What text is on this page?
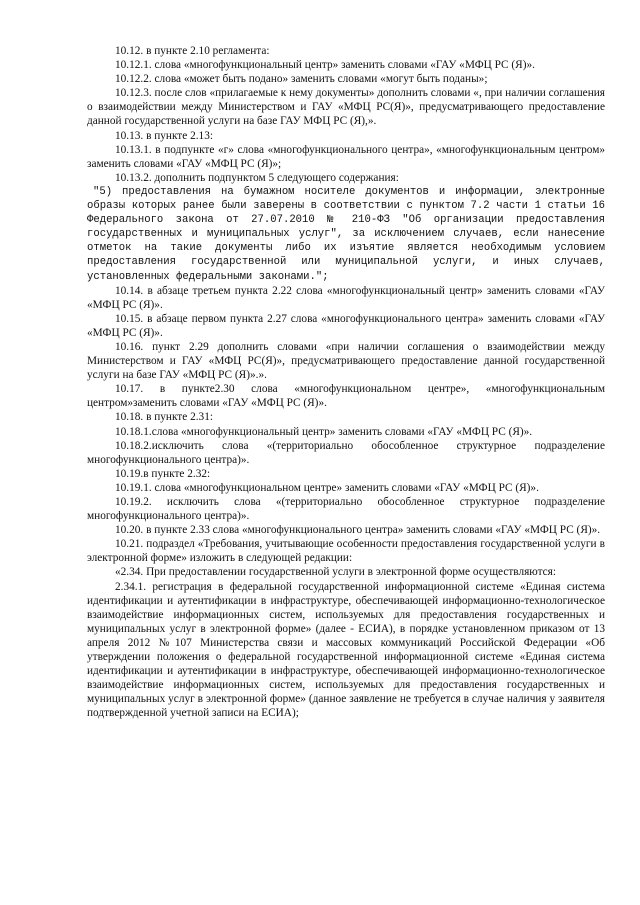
10.12. в пункте 2.10 регламента:

10.12.1. слова «многофункциональный центр» заменить словами «ГАУ «МФЦ РС (Я)».

10.12.2. слова «может быть подано» заменить словами «могут быть поданы»;

10.12.3. после слов «прилагаемые к нему документы» дополнить словами «, при наличии соглашения о взаимодействии между Министерством и ГАУ «МФЦ РС(Я)», предусматривающего предоставление данной государственной услуги на базе ГАУ МФЦ РС (Я),».

10.13. в пункте 2.13:

10.13.1. в подпункте «г» слова «многофункционального центра», «многофункциональным центром» заменить словами «ГАУ «МФЦ РС (Я)»;

10.13.2. дополнить подпунктом 5 следующего содержания:

"5) предоставления на бумажном носителе документов и информации, электронные образы которых ранее были заверены в соответствии с пунктом 7.2 части 1 статьи 16 Федерального закона от 27.07.2010 № 210-ФЗ "Об организации предоставления государственных и муниципальных услуг", за исключением случаев, если нанесение отметок на такие документы либо их изъятие является необходимым условием предоставления государственной или муниципальной услуги, и иных случаев, установленных федеральными законами.";

10.14. в абзаце третьем пункта 2.22 слова «многофункциональный центр» заменить словами «ГАУ «МФЦ РС (Я)».

10.15. в абзаце первом пункта 2.27 слова «многофункционального центра» заменить словами «ГАУ «МФЦ РС (Я)».

10.16. пункт 2.29 дополнить словами «при наличии соглашения о взаимодействии между Министерством и ГАУ «МФЦ РС(Я)», предусматривающего предоставление данной государственной услуги на базе ГАУ «МФЦ РС (Я)».».

10.17. в пункте2.30 слова «многофункциональном центре», «многофункциональным центром»заменить словами «ГАУ «МФЦ РС (Я)».

10.18. в пункте 2.31:

10.18.1.слова «многофункциональный центр» заменить словами «ГАУ «МФЦ РС (Я)».

10.18.2.исключить слова «(территориально обособленное структурное подразделение многофункционального центра)».

10.19.в пункте 2.32:

10.19.1. слова «многофункциональном центре» заменить словами «ГАУ «МФЦ РС (Я)».

10.19.2. исключить слова «(территориально обособленное структурное подразделение многофункционального центра)».

10.20. в пункте 2.33 слова «многофункционального центра» заменить словами «ГАУ «МФЦ РС (Я)».

10.21. подраздел «Требования, учитывающие особенности предоставления государственной услуги в электронной форме» изложить в следующей редакции:

«2.34. При предоставлении государственной услуги в электронной форме осуществляются:

2.34.1. регистрация в федеральной государственной информационной системе «Единая система идентификации и аутентификации в инфраструктуре, обеспечивающей информационно-технологическое взаимодействие информационных систем, используемых для предоставления государственных и муниципальных услуг в электронной форме» (далее - ЕСИА), в порядке установленном приказом от 13 апреля 2012 №107 Министерства связи и массовых коммуникаций Российской Федерации «Об утверждении положения о федеральной государственной информационной системе «Единая система идентификации и аутентификации в инфраструктуре, обеспечивающей информационно-технологическое взаимодействие информационных систем, используемых для предоставления государственных и муниципальных услуг в электронной форме» (данное заявление не требуется в случае наличия у заявителя подтвержденной учетной записи на ЕСИА);
